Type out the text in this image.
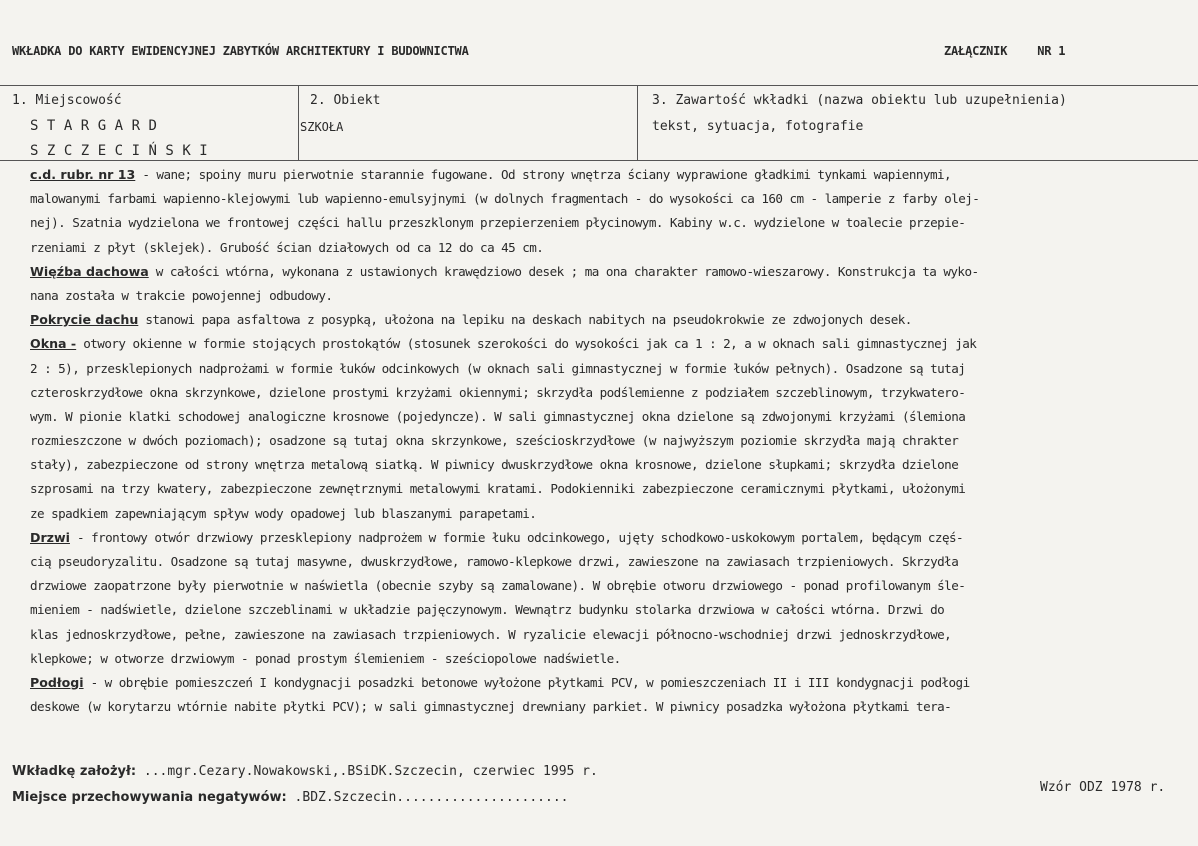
WKŁADKA DO KARTY EWIDENCYJNEJ ZABYTKÓW ARCHITEKTURY I BUDOWNICTWA	ZAŁĄCZNIK	NR 1
1. Miejscowość
STARGARD
SZCZECIŃSKI
2. Obiekt
SZKOŁA
3. Zawartość wkładki (nazwa obiektu lub uzupełnienia)
tekst, sytuacja, fotografie
c.d. rubr. nr 13 - wane; spoiny muru pierwotnie starannie fugowane. Od strony wnętrza ściany wyprawione gładkimi tynkami wapiennymi,
malowanymi farbami wapienno-klejowymi lub wapienno-emulsyjnymi (w dolnych fragmentach - do wysokości ca 160 cm - lamperie z farby olej-
nej). Szatnia wydzielona we frontowej części hallu przeszklonym przepierzeniem płycinowym. Kabiny w.c. wydzielone w toalecie przepie-
rzeniami z płyt (sklejek). Grubość ścian działowych od ca 12 do ca 45 cm.
Więźba dachowa w całości wtórna, wykonana z ustawionych krawędziowo desek ; ma ona charakter ramowo-wieszarowy. Konstrukcja ta wyko-
nana została w trakcie powojennej odbudowy.
Pokrycie dachu stanowi papa asfaltowa z posypką, ułożona na lepiku na deskach nabitych na pseudokrokwie ze zdwojonych desek.
Okna - otwory okienne w formie stojących prostokątów (stosunek szerokości do wysokości jak ca 1 : 2, a w oknach sali gimnastycznej jak
2 : 5), przesklepionych nadprożami w formie łuków odcinkowych (w oknach sali gimnastycznej w formie łuków pełnych). Osadzone są tutaj
czteroskrzydłowe okna skrzynkowe, dzielone prostymi krzyżami okiennymi; skrzydła podślemienne z podziałem szczeblinowym, trzykwatero-
wym. W pionie klatki schodowej analogiczne krosnowe (pojedyncze). W sali gimnastycznej okna dzielone są zdwojonymi krzyżami (ślemiona
rozmieszczone w dwóch poziomach); osadzone są tutaj okna skrzynkowe, sześcioskrzydłowe (w najwyższym poziomie skrzydła mają chrakter
stały), zabezpieczone od strony wnętrza metalową siatką. W piwnicy dwuskrzydłowe okna krosnowe, dzielone słupkami; skrzydła dzielone
szprosami na trzy kwatery, zabezpieczone zewnętrznymi metalowymi kratami. Podokienniki zabezpieczone ceramicznymi płytkami, ułożonymi
ze spadkiem zapewniającym spływ wody opadowej lub blaszanymi parapetami.
Drzwi - frontowy otwór drzwiowy przesklepiony nadprożem w formie łuku odcinkowego, ujęty schodkowo-uskokowym portalem, będącym częś-
cią pseudoryzalitu. Osadzone są tutaj masywne, dwuskrzydłowe, ramowo-klepkowe drzwi, zawieszone na zawiasach trzpieniowych. Skrzydła
drzwiowe zaopatrzone były pierwotnie w naświetla (obecnie szyby są zamalowane). W obrębie otworu drzwiowego - ponad profilowanym śle-
mieniem - nadświetle, dzielone szczeblinami w układzie pajęczynowym. Wewnątrz budynku stolarka drzwiowa w całości wtórna. Drzwi do
klas jednoskrzydłowe, pełne, zawieszone na zawiasach trzpieniowych. W ryzalicie elewacji północno-wschodniej drzwi jednoskrzydłowe,
klepkowe; w otworze drzwiowym - ponad prostym ślemieniem - sześciopolowe nadświetle.
Podłogi - w obrębie pomieszczeń I kondygnacji posadzki betonowe wyłożone płytkami PCV, w pomieszczeniach II i III kondygnacji podłogi
deskowe (w korytarzu wtórnie nabite płytki PCV); w sali gimnastycznej drewniany parkiet. W piwnicy posadzka wyłożona płytkami tera-
Wkładkę założył: ...mgr.Cezary.Nowakowski,.BSiDK.Szczecin, czerwiec 1995 r.
Miejsce przechowywania negatywów: .BDZ.Szczecin......................
Wzór ODZ 1978 r.
